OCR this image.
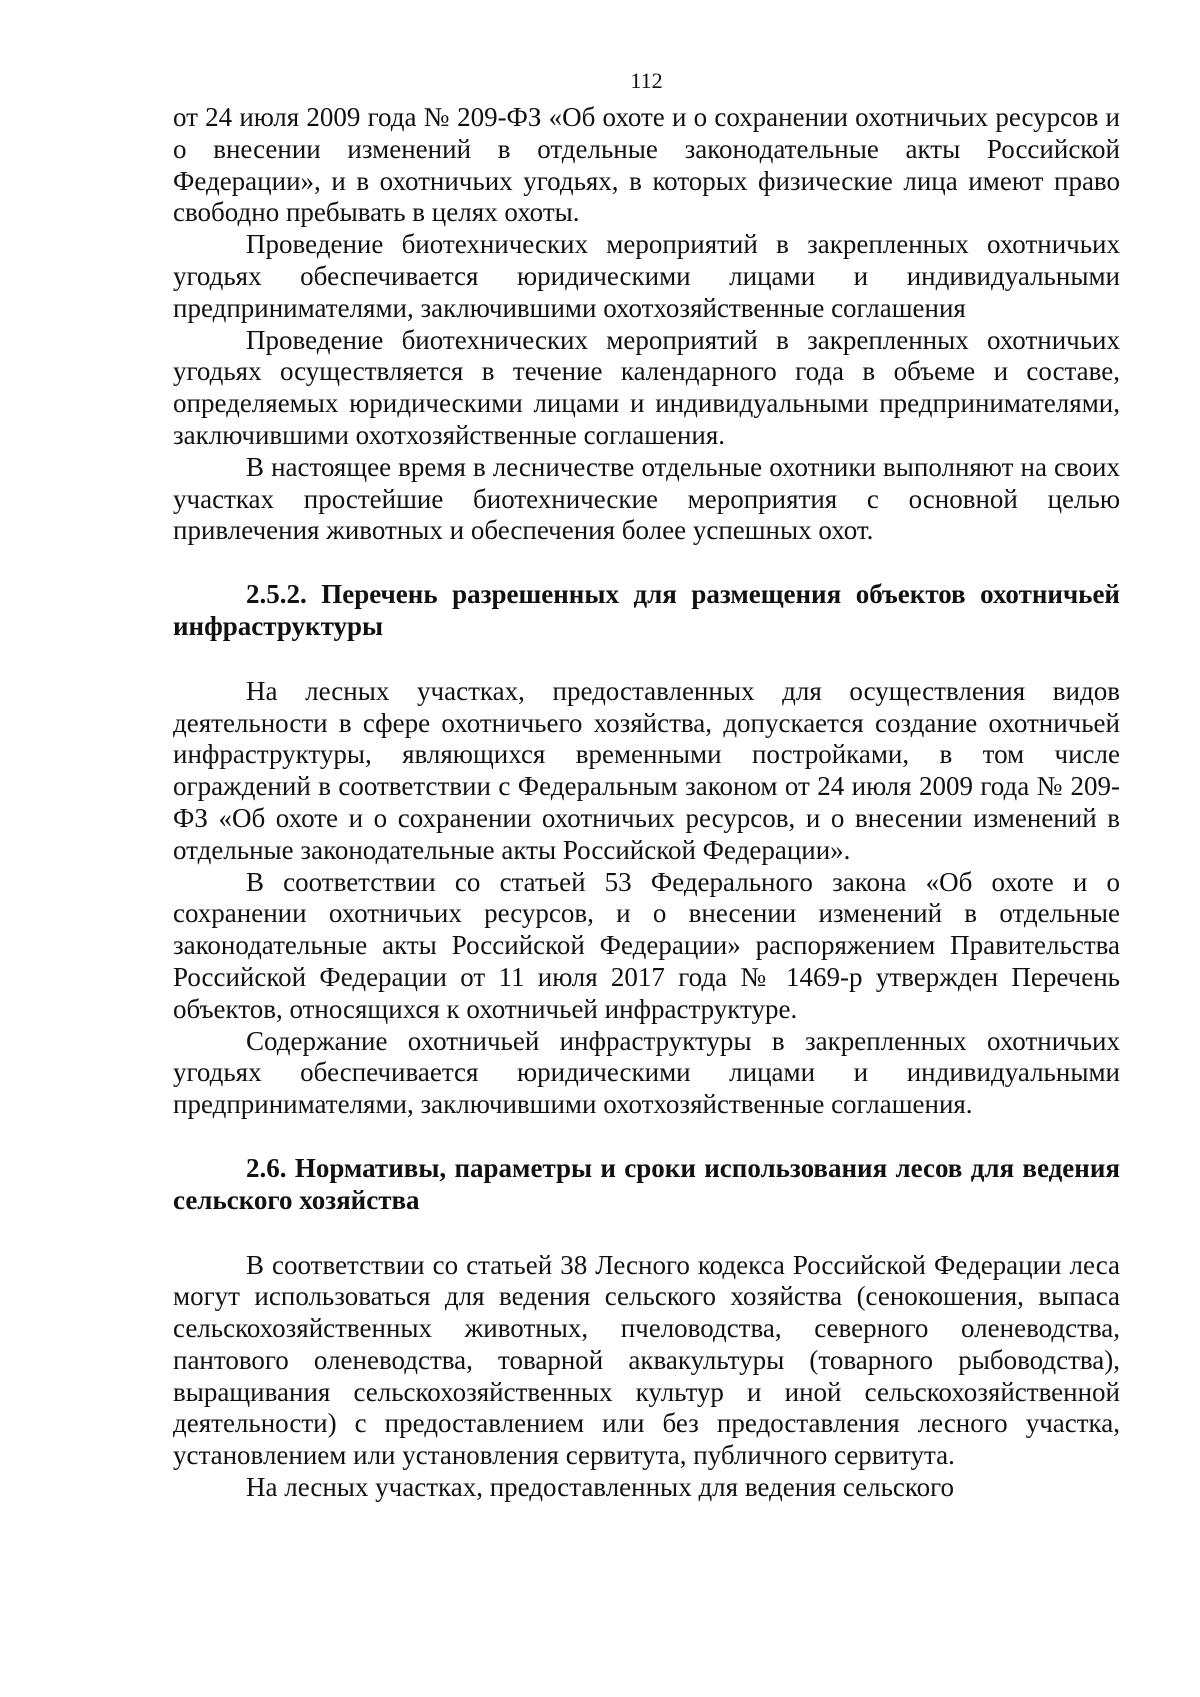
112

от 24 июля 2009 года № 209-ФЗ «Об охоте и о сохранении охотничьих ресурсов и о внесении изменений в отдельные законодательные акты Российской Федерации», и в охотничьих угодьях, в которых физические лица имеют право свободно пребывать в целях охоты.

Проведение биотехнических мероприятий в закрепленных охотничьих угодьях обеспечивается юридическими лицами и индивидуальными предпринимателями, заключившими охотхозяйственные соглашения

Проведение биотехнических мероприятий в закрепленных охотничьих угодьях осуществляется в течение календарного года в объеме и составе, определяемых юридическими лицами и индивидуальными предпринимателями, заключившими охотхозяйственные соглашения.

В настоящее время в лесничестве отдельные охотники выполняют на своих участках простейшие биотехнические мероприятия с основной целью привлечения животных и обеспечения более успешных охот.

2.5.2. Перечень разрешенных для размещения объектов охотничьей инфраструктуры

На лесных участках, предоставленных для осуществления видов деятельности в сфере охотничьего хозяйства, допускается создание охотничьей инфраструктуры, являющихся временными постройками, в том числе ограждений в соответствии с Федеральным законом от 24 июля 2009 года № 209-ФЗ «Об охоте и о сохранении охотничьих ресурсов, и о внесении изменений в отдельные законодательные акты Российской Федерации».

В соответствии со статьей 53 Федерального закона «Об охоте и о сохранении охотничьих ресурсов, и о внесении изменений в отдельные законодательные акты Российской Федерации» распоряжением Правительства Российской Федерации от 11 июля 2017 года № 1469-р утвержден Перечень объектов, относящихся к охотничьей инфраструктуре.

Содержание охотничьей инфраструктуры в закрепленных охотничьих угодьях обеспечивается юридическими лицами и индивидуальными предпринимателями, заключившими охотхозяйственные соглашения.

2.6. Нормативы, параметры и сроки использования лесов для ведения сельского хозяйства

В соответствии со статьей 38 Лесного кодекса Российской Федерации леса могут использоваться для ведения сельского хозяйства (сенокошения, выпаса сельскохозяйственных животных, пчеловодства, северного оленеводства, пантового оленеводства, товарной аквакультуры (товарного рыбоводства), выращивания сельскохозяйственных культур и иной сельскохозяйственной деятельности) с предоставлением или без предоставления лесного участка, установлением или установления сервитута, публичного сервитута.

На лесных участках, предоставленных для ведения сельского
